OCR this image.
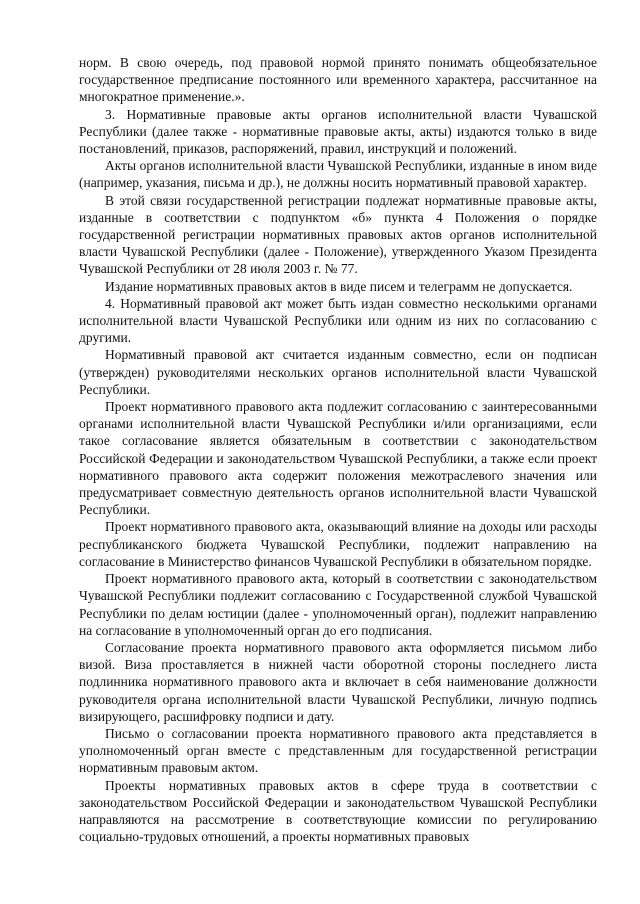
норм. В свою очередь, под правовой нормой принято понимать общеобязательное государственное предписание постоянного или временного характера, рассчитанное на многократное применение.».

3. Нормативные правовые акты органов исполнительной власти Чувашской Республики (далее также - нормативные правовые акты, акты) издаются только в виде постановлений, приказов, распоряжений, правил, инструкций и положений.

Акты органов исполнительной власти Чувашской Республики, изданные в ином виде (например, указания, письма и др.), не должны носить нормативный правовой характер.

В этой связи государственной регистрации подлежат нормативные правовые акты, изданные в соответствии с подпунктом «б» пункта 4 Положения о порядке государственной регистрации нормативных правовых актов органов исполнительной власти Чувашской Республики (далее - Положение), утвержденного Указом Президента Чувашской Республики от 28 июля 2003 г. № 77.

Издание нормативных правовых актов в виде писем и телеграмм не допускается.

4. Нормативный правовой акт может быть издан совместно несколькими органами исполнительной власти Чувашской Республики или одним из них по согласованию с другими.

Нормативный правовой акт считается изданным совместно, если он подписан (утвержден) руководителями нескольких органов исполнительной власти Чувашской Республики.

Проект нормативного правового акта подлежит согласованию с заинтересованными органами исполнительной власти Чувашской Республики и/или организациями, если такое согласование является обязательным в соответствии с законодательством Российской Федерации и законодательством Чувашской Республики, а также если проект нормативного правового акта содержит положения межотраслевого значения или предусматривает совместную деятельность органов исполнительной власти Чувашской Республики.

Проект нормативного правового акта, оказывающий влияние на доходы или расходы республиканского бюджета Чувашской Республики, подлежит направлению на согласование в Министерство финансов Чувашской Республики в обязательном порядке.

Проект нормативного правового акта, который в соответствии с законодательством Чувашской Республики подлежит согласованию с Государственной службой Чувашской Республики по делам юстиции (далее - уполномоченный орган), подлежит направлению на согласование в уполномоченный орган до его подписания.

Согласование проекта нормативного правового акта оформляется письмом либо визой. Виза проставляется в нижней части оборотной стороны последнего листа подлинника нормативного правового акта и включает в себя наименование должности руководителя органа исполнительной власти Чувашской Республики, личную подпись визирующего, расшифровку подписи и дату.

Письмо о согласовании проекта нормативного правового акта представляется в уполномоченный орган вместе с представленным для государственной регистрации нормативным правовым актом.

Проекты нормативных правовых актов в сфере труда в соответствии с законодательством Российской Федерации и законодательством Чувашской Республики направляются на рассмотрение в соответствующие комиссии по регулированию социально-трудовых отношений, а проекты нормативных правовых
